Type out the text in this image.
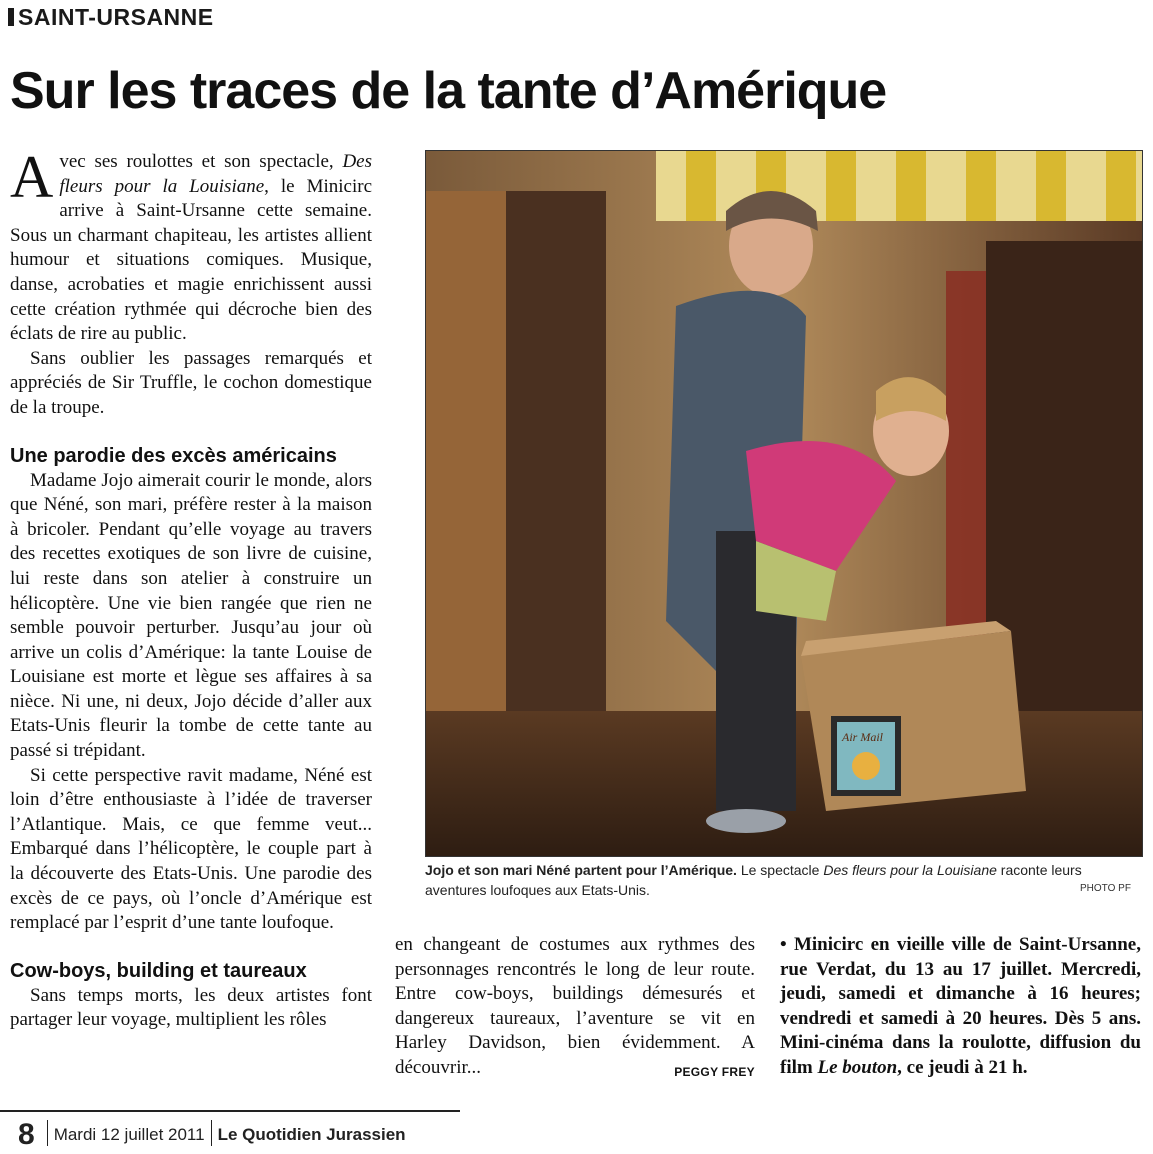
SAINT-URSANNE
Sur les traces de la tante d’Amérique

Avec ses roulottes et son spectacle, Des fleurs pour la Louisiane, le Minicirc arrive à Saint-Ursanne cette semaine. Sous un charmant chapiteau, les artistes allient humour et situations comiques. Musique, danse, acrobaties et magie enrichissent aussi cette création rythmée qui décroche bien des éclats de rire au public.

Sans oublier les passages remarqués et appréciés de Sir Truffle, le cochon domestique de la troupe.

Une parodie des excès américains

Madame Jojo aimerait courir le monde, alors que Néné, son mari, préfère rester à la maison à bricoler. Pendant qu’elle voyage au travers des recettes exotiques de son livre de cuisine, lui reste dans son atelier à construire un hélicoptère. Une vie bien rangée que rien ne semble pouvoir perturber. Jusqu’au jour où arrive un colis d’Amérique: la tante Louise de Louisiane est morte et lègue ses affaires à sa nièce. Ni une, ni deux, Jojo décide d’aller aux Etats-Unis fleurir la tombe de cette tante au passé si trépidant.

Si cette perspective ravit madame, Néné est loin d’être enthousiaste à l’idée de traverser l’Atlantique. Mais, ce que femme veut... Embarqué dans l’hélicoptère, le couple part à la découverte des Etats-Unis. Une parodie des excès de ce pays, où l’oncle d’Amérique est remplacé par l’esprit d’une tante loufoque.

Cow-boys, building et taureaux

Sans temps morts, les deux artistes font partager leur voyage, multiplient les rôles

en changeant de costumes aux rythmes des personnages rencontrés le long de leur route. Entre cow-boys, buildings démesurés et dangereux taureaux, l’aventure se vit en Harley Davidson, bien évidemment. A découvrir...	PEGGY FREY

• Minicirc en vieille ville de Saint-Ursanne, rue Verdat, du 13 au 17 juillet. Mercredi, jeudi, samedi et dimanche à 16 heures; vendredi et samedi à 20 heures. Dès 5 ans. Mini-cinéma dans la roulotte, diffusion du film Le bouton, ce jeudi à 21 h.

Air Mail
Jojo et son mari Néné partent pour l’Amérique. Le spectacle Des fleurs pour la Louisiane raconte leurs aventures loufoques aux Etats-Unis.	PHOTO PF
8 Mardi 12 juillet 2011 Le Quotidien Jurassien
